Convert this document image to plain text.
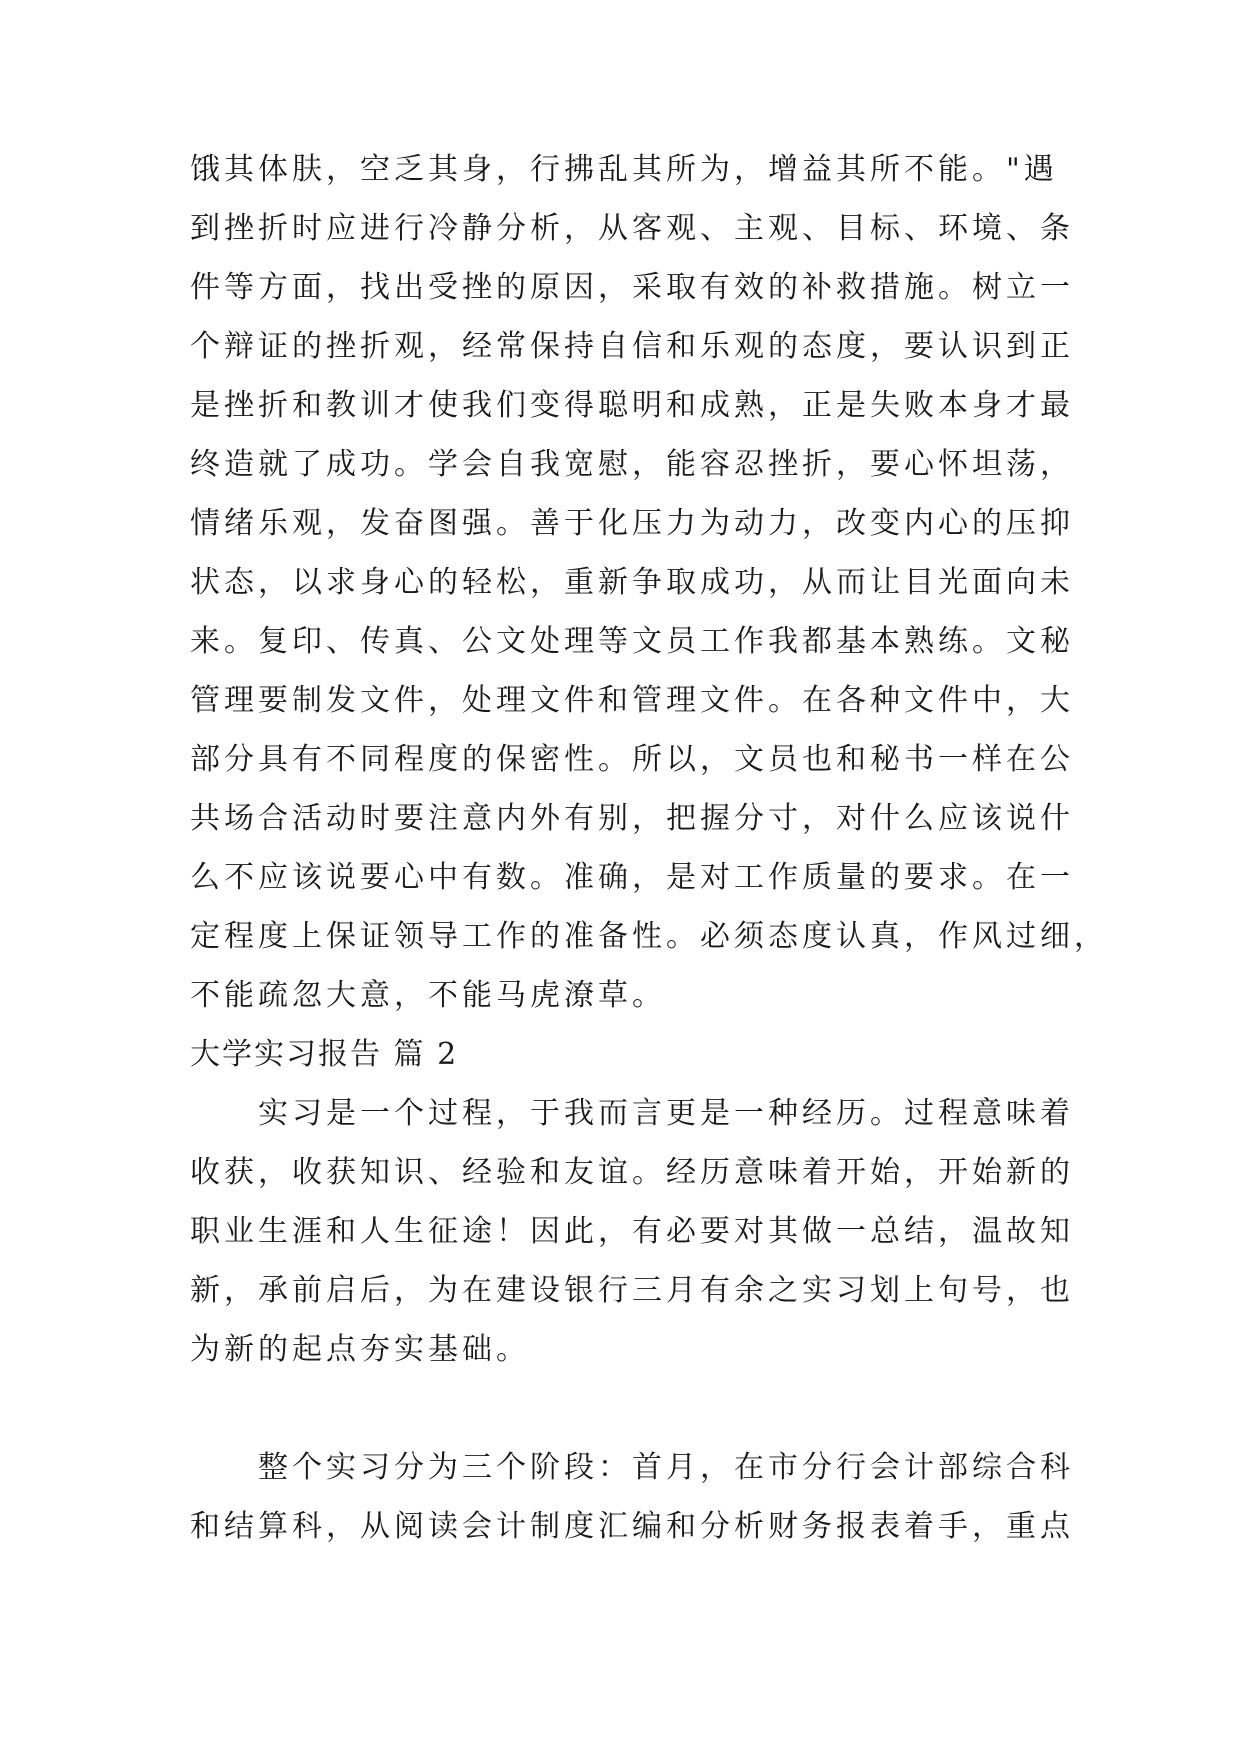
饿其体肤，空乏其身，行拂乱其所为，增益其所不能。"遇
到挫折时应进行冷静分析，从客观、主观、目标、环境、条
件等方面，找出受挫的原因，采取有效的补救措施。树立一
个辩证的挫折观，经常保持自信和乐观的态度，要认识到正
是挫折和教训才使我们变得聪明和成熟，正是失败本身才最
终造就了成功。学会自我宽慰，能容忍挫折，要心怀坦荡，
情绪乐观，发奋图强。善于化压力为动力，改变内心的压抑
状态，以求身心的轻松，重新争取成功，从而让目光面向未
来。复印、传真、公文处理等文员工作我都基本熟练。文秘
管理要制发文件，处理文件和管理文件。在各种文件中，大
部分具有不同程度的保密性。所以，文员也和秘书一样在公
共场合活动时要注意内外有别，把握分寸，对什么应该说什
么不应该说要心中有数。准确，是对工作质量的要求。在一
定程度上保证领导工作的准备性。必须态度认真，作风过细，
不能疏忽大意，不能马虎潦草。
大学实习报告 篇 2
　　实习是一个过程，于我而言更是一种经历。过程意味着
收获，收获知识、经验和友谊。经历意味着开始，开始新的
职业生涯和人生征途！因此，有必要对其做一总结，温故知
新，承前启后，为在建设银行三月有余之实习划上句号，也
为新的起点夯实基础。
　　整个实习分为三个阶段：首月，在市分行会计部综合科
和结算科，从阅读会计制度汇编和分析财务报表着手，重点
